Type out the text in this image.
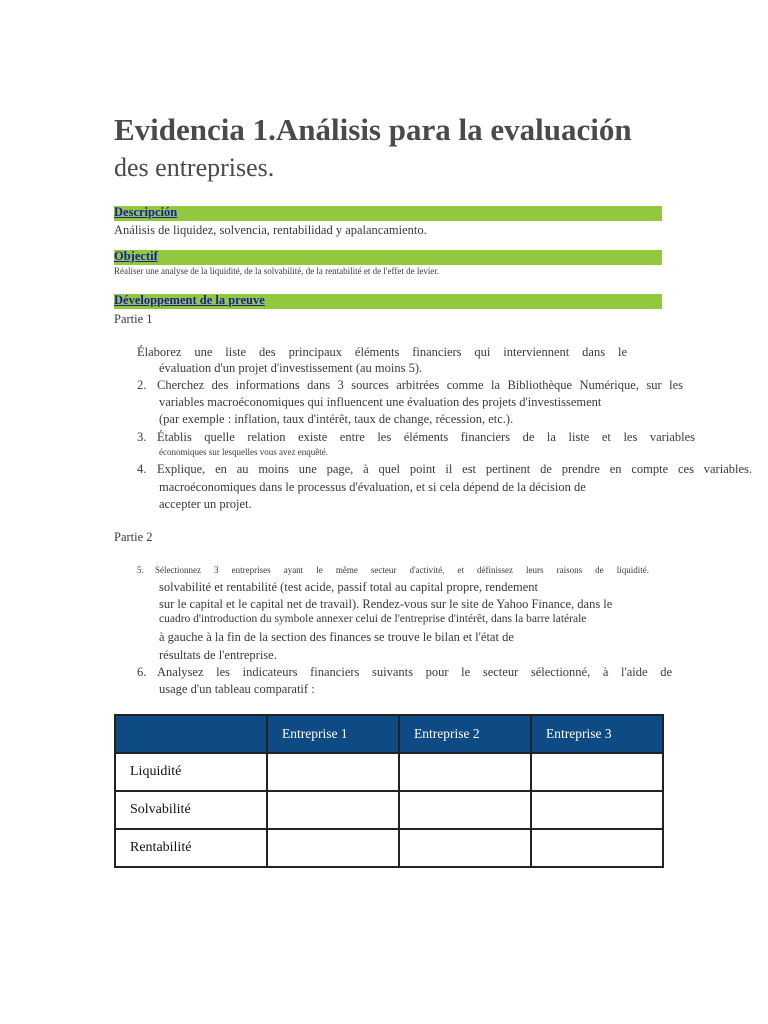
Evidencia 1.Análisis para la evaluación
des entreprises.
Descripción
Análisis de liquidez, solvencia, rentabilidad y apalancamiento.
Objectif
Réaliser une analyse de la liquidité, de la solvabilité, de la rentabilité et de l'effet de levier.
Développement de la preuve
Partie 1
Élaborez une liste des principaux éléments financiers qui interviennent dans le
évaluation d'un projet d'investissement (au moins 5).
2. Cherchez des informations dans 3 sources arbitrées comme la Bibliothèque Numérique, sur les
variables macroéconomiques qui influencent une évaluation des projets d'investissement
(par exemple : inflation, taux d'intérêt, taux de change, récession, etc.).
3. Établis quelle relation existe entre les éléments financiers de la liste et les variables
économiques sur lesquelles vous avez enquêté.
4. Explique, en au moins une page, à quel point il est pertinent de prendre en compte ces variables.
macroéconomiques dans le processus d'évaluation, et si cela dépend de la décision de
accepter un projet.
Partie 2
5. Sélectionnez 3 entreprises ayant le même secteur d'activité, et définissez leurs raisons de liquidité.
solvabilité et rentabilité (test acide, passif total au capital propre, rendement
sur le capital et le capital net de travail). Rendez-vous sur le site de Yahoo Finance, dans le
cuadro d'introduction du symbole annexer celui de l'entreprise d'intérêt, dans la barre latérale
à gauche à la fin de la section des finances se trouve le bilan et l'état de
résultats de l'entreprise.
6. Analysez les indicateurs financiers suivants pour le secteur sélectionné, à l'aide de
usage d'un tableau comparatif :
	Entreprise 1	Entreprise 2	Entreprise 3
Liquidité			
Solvabilité			
Rentabilité			
